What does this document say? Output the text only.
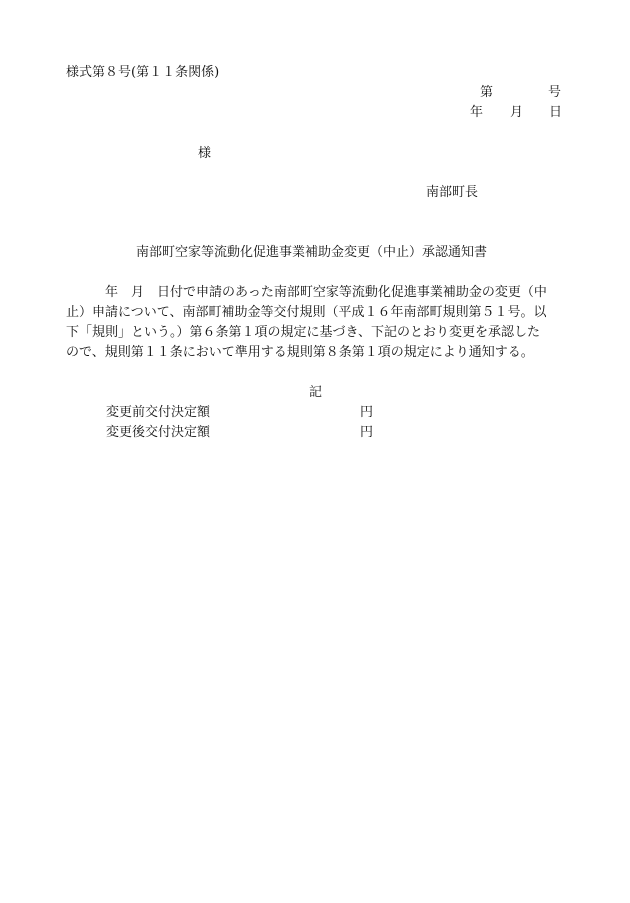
様式第８号(第１１条関係)
第	号
年 月 日
様
南部町長
南部町空家等流動化促進事業補助金変更（中止）承認通知書
　　　年　月　日付で申請のあった南部町空家等流動化促進事業補助金の変更（中
止）申請について、南部町補助金等交付規則（平成１６年南部町規則第５１号。以
下「規則」という。）第６条第１項の規定に基づき、下記のとおり変更を承認した
ので、規則第１１条において準用する規則第８条第１項の規定により通知する。
記
変更前交付決定額	円
変更後交付決定額	円
